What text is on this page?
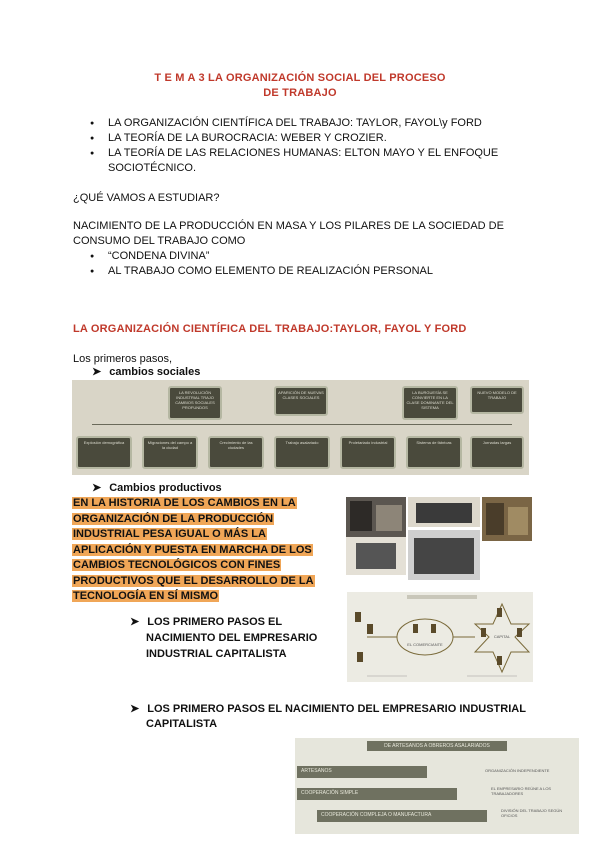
T E M A 3 LA ORGANIZACIÓN SOCIAL DEL PROCESO
DE TRABAJO
● LA ORGANIZACIÓN CIENTÍFICA DEL TRABAJO: TAYLOR, FAYOL\y FORD
● LA TEORÍA DE LA BUROCRACIA: WEBER Y CROZIER.
● LA TEORÍA DE LAS RELACIONES HUMANAS: ELTON MAYO Y EL ENFOQUE SOCIOTÉCNICO.
¿QUÉ VAMOS A ESTUDIAR?
NACIMIENTO DE LA PRODUCCIÓN EN MASA Y LOS PILARES DE LA SOCIEDAD DE CONSUMO DEL TRABAJO COMO
● “CONDENA DIVINA”
● AL TRABAJO COMO ELEMENTO DE REALIZACIÓN PERSONAL
LA ORGANIZACIÓN CIENTÍFICA DEL TRABAJO:TAYLOR, FAYOL Y FORD
Los primeros pasos,
➤ cambios sociales
LA REVOLUCIÓN INDUSTRIAL TRAJO CAMBIOS SOCIALES PROFUNDOS
APARICIÓN DE NUEVAS CLASES SOCIALES
LA BURGUESÍA SE CONVIERTE EN LA CLASE DOMINANTE DEL SISTEMA
NUEVO MODELO DE TRABAJO
Explosión demográfica	Migraciones del campo a la ciudad
Crecimiento de las ciudades
Trabajo asalariado	Proletariado industrial	Sistema de fábricas	Jornadas largas
➤ Cambios productivos
EN LA HISTORIA DE LOS CAMBIOS EN LA
ORGANIZACIÓN DE LA PRODUCCIÓN
INDUSTRIAL PESA IGUAL O MÁS LA
APLICACIÓN Y PUESTA EN MARCHA DE LOS
CAMBIOS TECNOLÓGICOS CON FINES
PRODUCTIVOS QUE EL DESARROLLO DE LA
TECNOLOGÍA EN SÍ MISMO
➤ LOS PRIMERO PASOS EL
NACIMIENTO DEL EMPRESARIO
INDUSTRIAL CAPITALISTA
EL COMERCIANTE
CAPITAL
➤ LOS PRIMERO PASOS EL NACIMIENTO DEL EMPRESARIO INDUSTRIAL
CAPITALISTA
DE ARTESANOS A OBREROS ASALARIADOS
ARTESANOS
COOPERACIÓN SIMPLE
COOPERACIÓN COMPLEJA O MANUFACTURA
ORGANIZACIÓN INDEPENDIENTE
EL EMPRESARIO REÚNE A LOS TRABAJADORES
DIVISIÓN DEL TRABAJO SEGÚN OFICIOS
